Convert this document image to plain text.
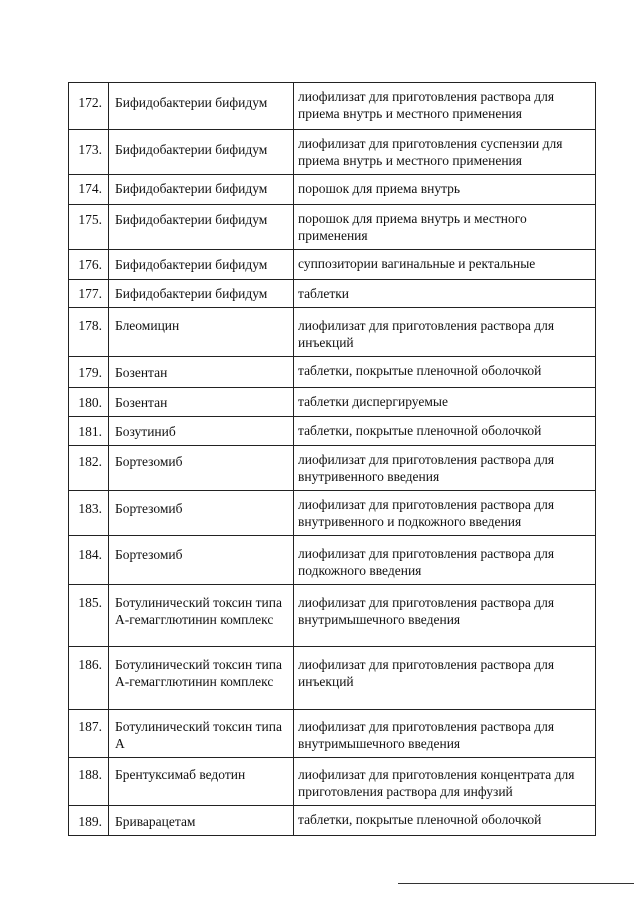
172.	Бифидобактерии бифидум	лиофилизат для приготовления раствора для приема внутрь и местного применения
173.	Бифидобактерии бифидум	лиофилизат для приготовления суспензии для приема внутрь и местного применения
174.	Бифидобактерии бифидум	порошок для приема внутрь
175.	Бифидобактерии бифидум	порошок для приема внутрь и местного применения
176.	Бифидобактерии бифидум	суппозитории вагинальные и ректальные
177.	Бифидобактерии бифидум	таблетки
178.	Блеомицин	лиофилизат для приготовления раствора для инъекций
179.	Бозентан	таблетки, покрытые пленочной оболочкой
180.	Бозентан	таблетки диспергируемые
181.	Бозутиниб	таблетки, покрытые пленочной оболочкой
182.	Бортезомиб	лиофилизат для приготовления раствора для внутривенного введения
183.	Бортезомиб	лиофилизат для приготовления раствора для внутривенного и подкожного введения
184.	Бортезомиб	лиофилизат для приготовления раствора для подкожного введения
185.	Ботулинический токсин типа А-гемагглютинин комплекс	лиофилизат для приготовления раствора для внутримышечного введения
186.	Ботулинический токсин типа А-гемагглютинин комплекс	лиофилизат для приготовления раствора для инъекций
187.	Ботулинический токсин типа А	лиофилизат для приготовления раствора для внутримышечного введения
188.	Брентуксимаб ведотин	лиофилизат для приготовления концентрата для приготовления раствора для инфузий
189.	Бриварацетам	таблетки, покрытые пленочной оболочкой
